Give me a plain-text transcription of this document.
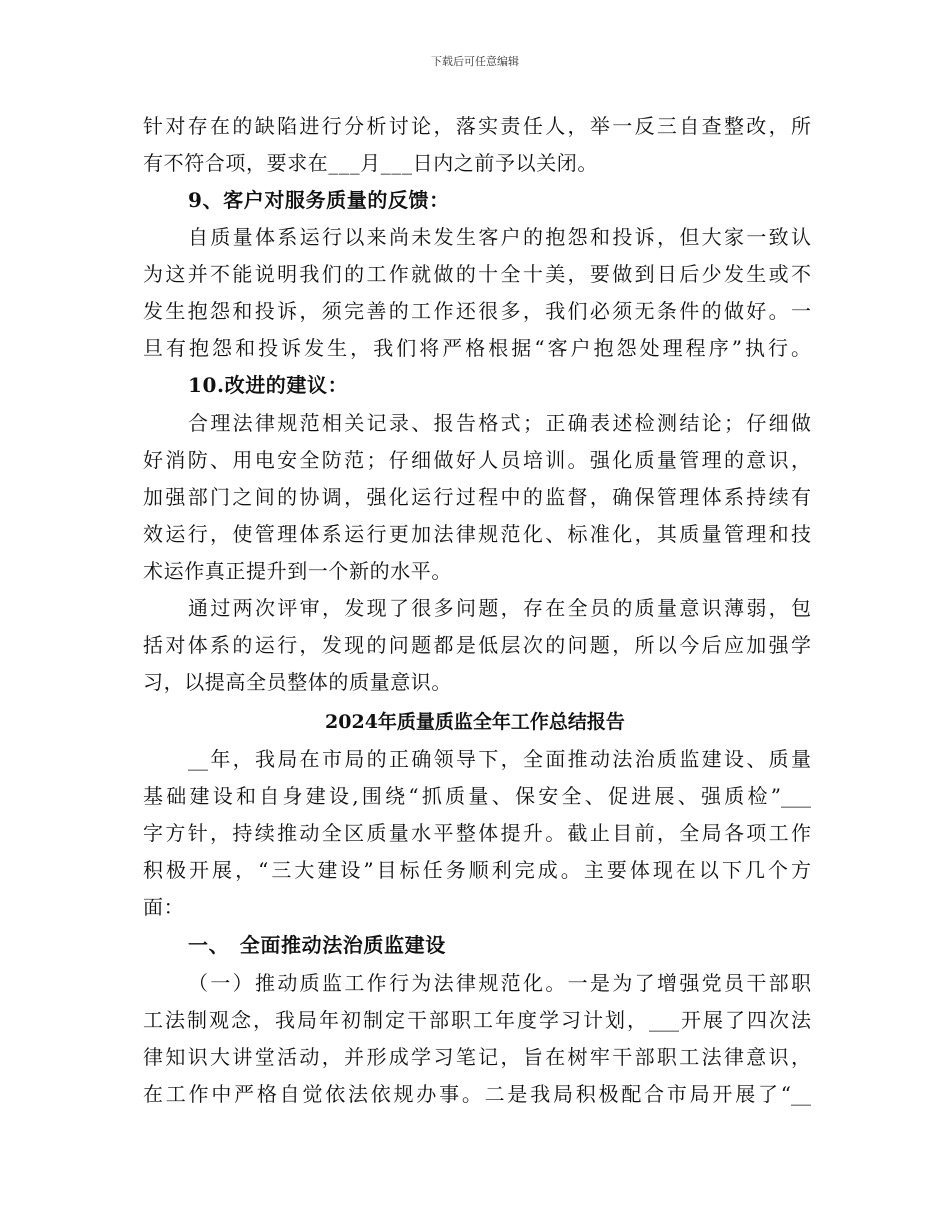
下载后可任意编辑
针对存在的缺陷进行分析讨论，落实责任人，举一反三自查整改，所
有不符合项，要求在___月___日内之前予以关闭。
9、客户对服务质量的反馈：
自质量体系运行以来尚未发生客户的抱怨和投诉，但大家一致认
为这并不能说明我们的工作就做的十全十美，要做到日后少发生或不
发生抱怨和投诉，须完善的工作还很多，我们必须无条件的做好。一
旦有抱怨和投诉发生，我们将严格根据“客户抱怨处理程序”执行。
10.改进的建议：
合理法律规范相关记录、报告格式；正确表述检测结论；仔细做
好消防、用电安全防范；仔细做好人员培训。强化质量管理的意识，
加强部门之间的协调，强化运行过程中的监督，确保管理体系持续有
效运行，使管理体系运行更加法律规范化、标准化，其质量管理和技
术运作真正提升到一个新的水平。
通过两次评审，发现了很多问题，存在全员的质量意识薄弱，包
括对体系的运行，发现的问题都是低层次的问题，所以今后应加强学
习，以提高全员整体的质量意识。
2024年质量质监全年工作总结报告
__年，我局在市局的正确领导下，全面推动法治质监建设、质量
基础建设和自身建设,围绕“抓质量、保安全、促进展、强质检”___
字方针，持续推动全区质量水平整体提升。截止目前，全局各项工作
积极开展，“三大建设”目标任务顺利完成。主要体现在以下几个方
面：
一、　全面推动法治质监建设
（一）推动质监工作行为法律规范化。一是为了增强党员干部职
工法制观念，我局年初制定干部职工年度学习计划，___开展了四次法
律知识大讲堂活动，并形成学习笔记，旨在树牢干部职工法律意识，
在工作中严格自觉依法依规办事。二是我局积极配合市局开展了“__
